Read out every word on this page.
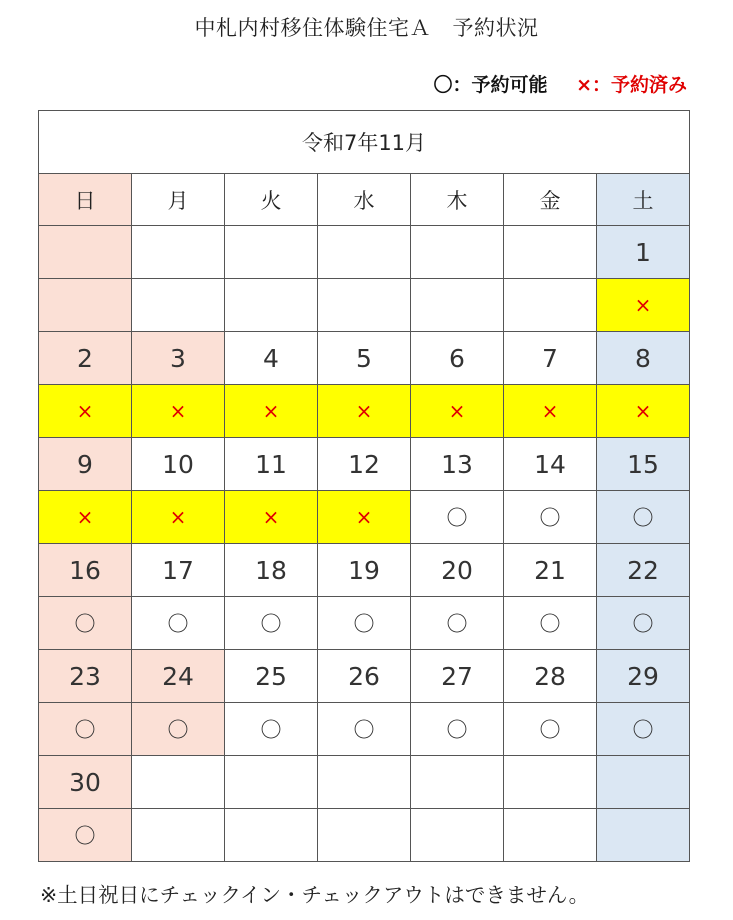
中札内村移住体験住宅Ａ　予約状況
〇：予約可能 ×：予約済み
令和7年11月						
日	月	火	水	木	金	土
						1
						×
2	3	4	5	6	7	8
×	×	×	×	×	×	×
9	10	11	12	13	14	15
×	×	×	×	〇	〇	〇
16	17	18	19	20	21	22
〇	〇	〇	〇	〇	〇	〇
23	24	25	26	27	28	29
〇	〇	〇	〇	〇	〇	〇
30						
〇						
※土日祝日にチェックイン・チェックアウトはできません。
